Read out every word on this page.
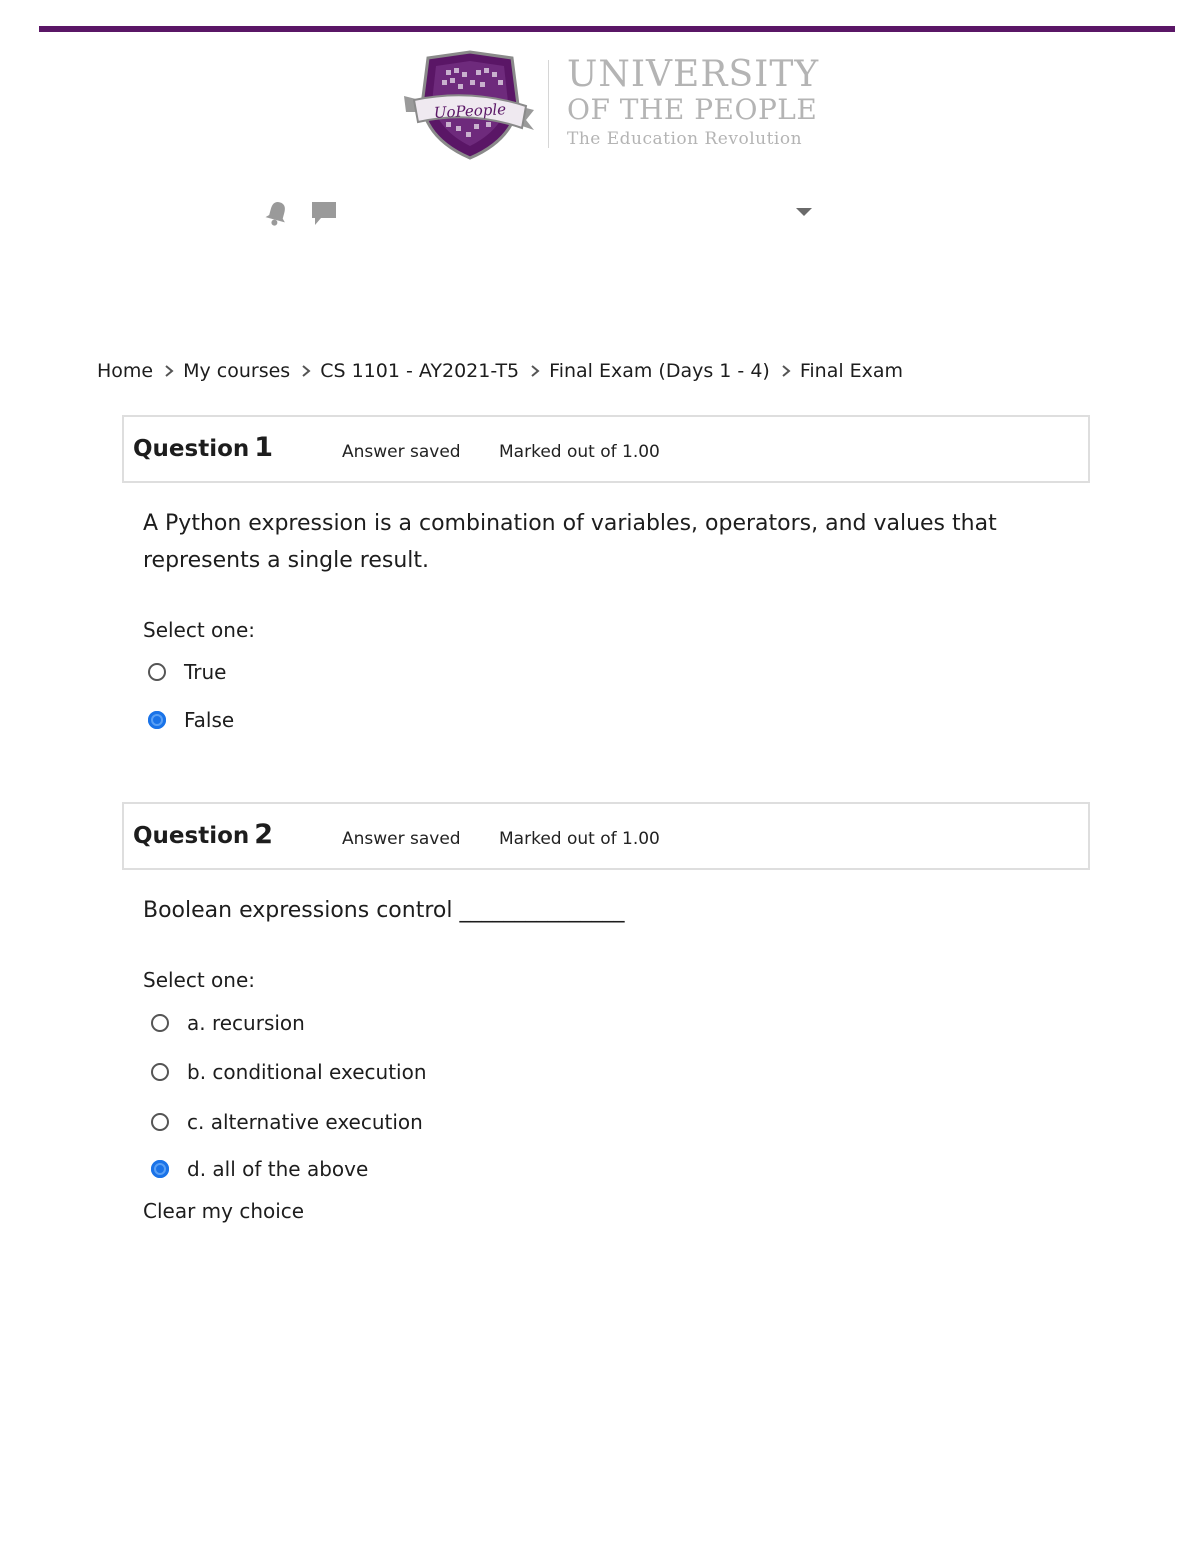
UoPeople
UNIVERSITY
OF THE PEOPLE
The Education Revolution
Home My courses CS 1101 - AY2021-T5 Final Exam (Days 1 - 4) Final Exam
Question 1	Answer saved Marked out of 1.00
A Python expression is a combination of variables, operators, and values that represents a single result.
Select one:
True
False
Question 2	Answer saved Marked out of 1.00
Boolean expressions control _______________
Select one:
a. recursion
b. conditional execution
c. alternative execution
d. all of the above
Clear my choice
